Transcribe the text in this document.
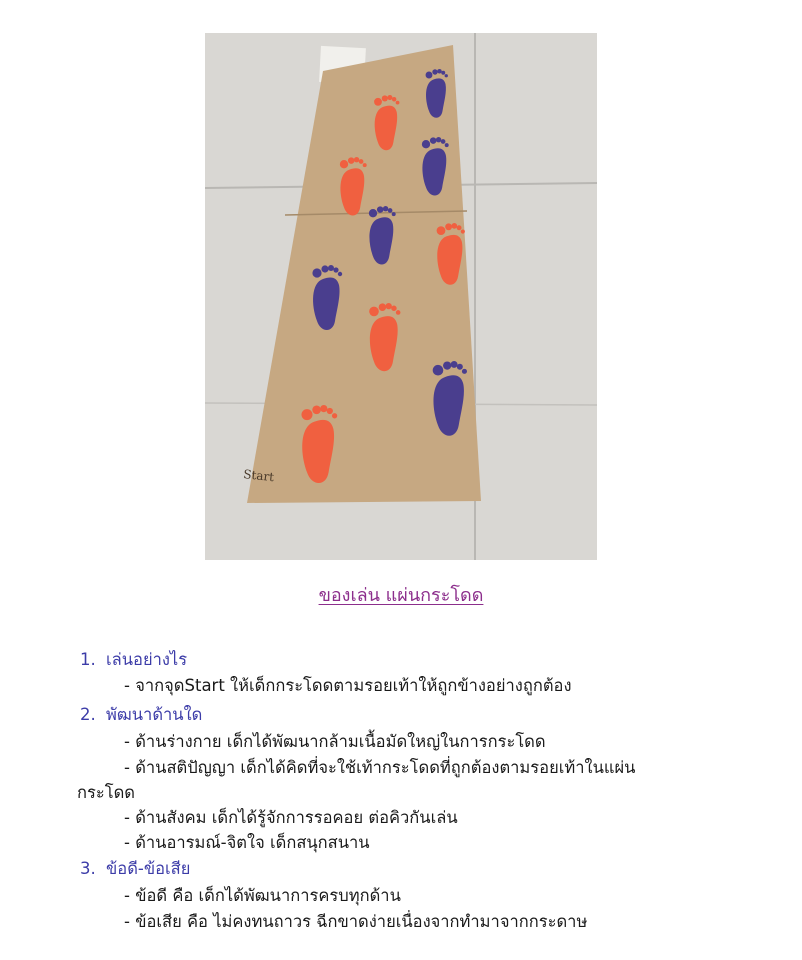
Start
ของเล่น แผ่นกระโดด
1. เล่นอย่างไร
- จากจุดStart ให้เด็กกระโดดตามรอยเท้าให้ถูกข้างอย่างถูกต้อง
2. พัฒนาด้านใด
- ด้านร่างกาย เด็กได้พัฒนากล้ามเนื้อมัดใหญ่ในการกระโดด
- ด้านสติปัญญา เด็กได้คิดที่จะใช้เท้ากระโดดที่ถูกต้องตามรอยเท้าในแผ่น
กระโดด
- ด้านสังคม เด็กได้รู้จักการรอคอย ต่อคิวกันเล่น
- ด้านอารมณ์-จิตใจ เด็กสนุกสนาน
3. ข้อดี-ข้อเสีย
- ข้อดี คือ เด็กได้พัฒนาการครบทุกด้าน
- ข้อเสีย คือ ไม่คงทนถาวร ฉีกขาดง่ายเนื่องจากทำมาจากกระดาษ
